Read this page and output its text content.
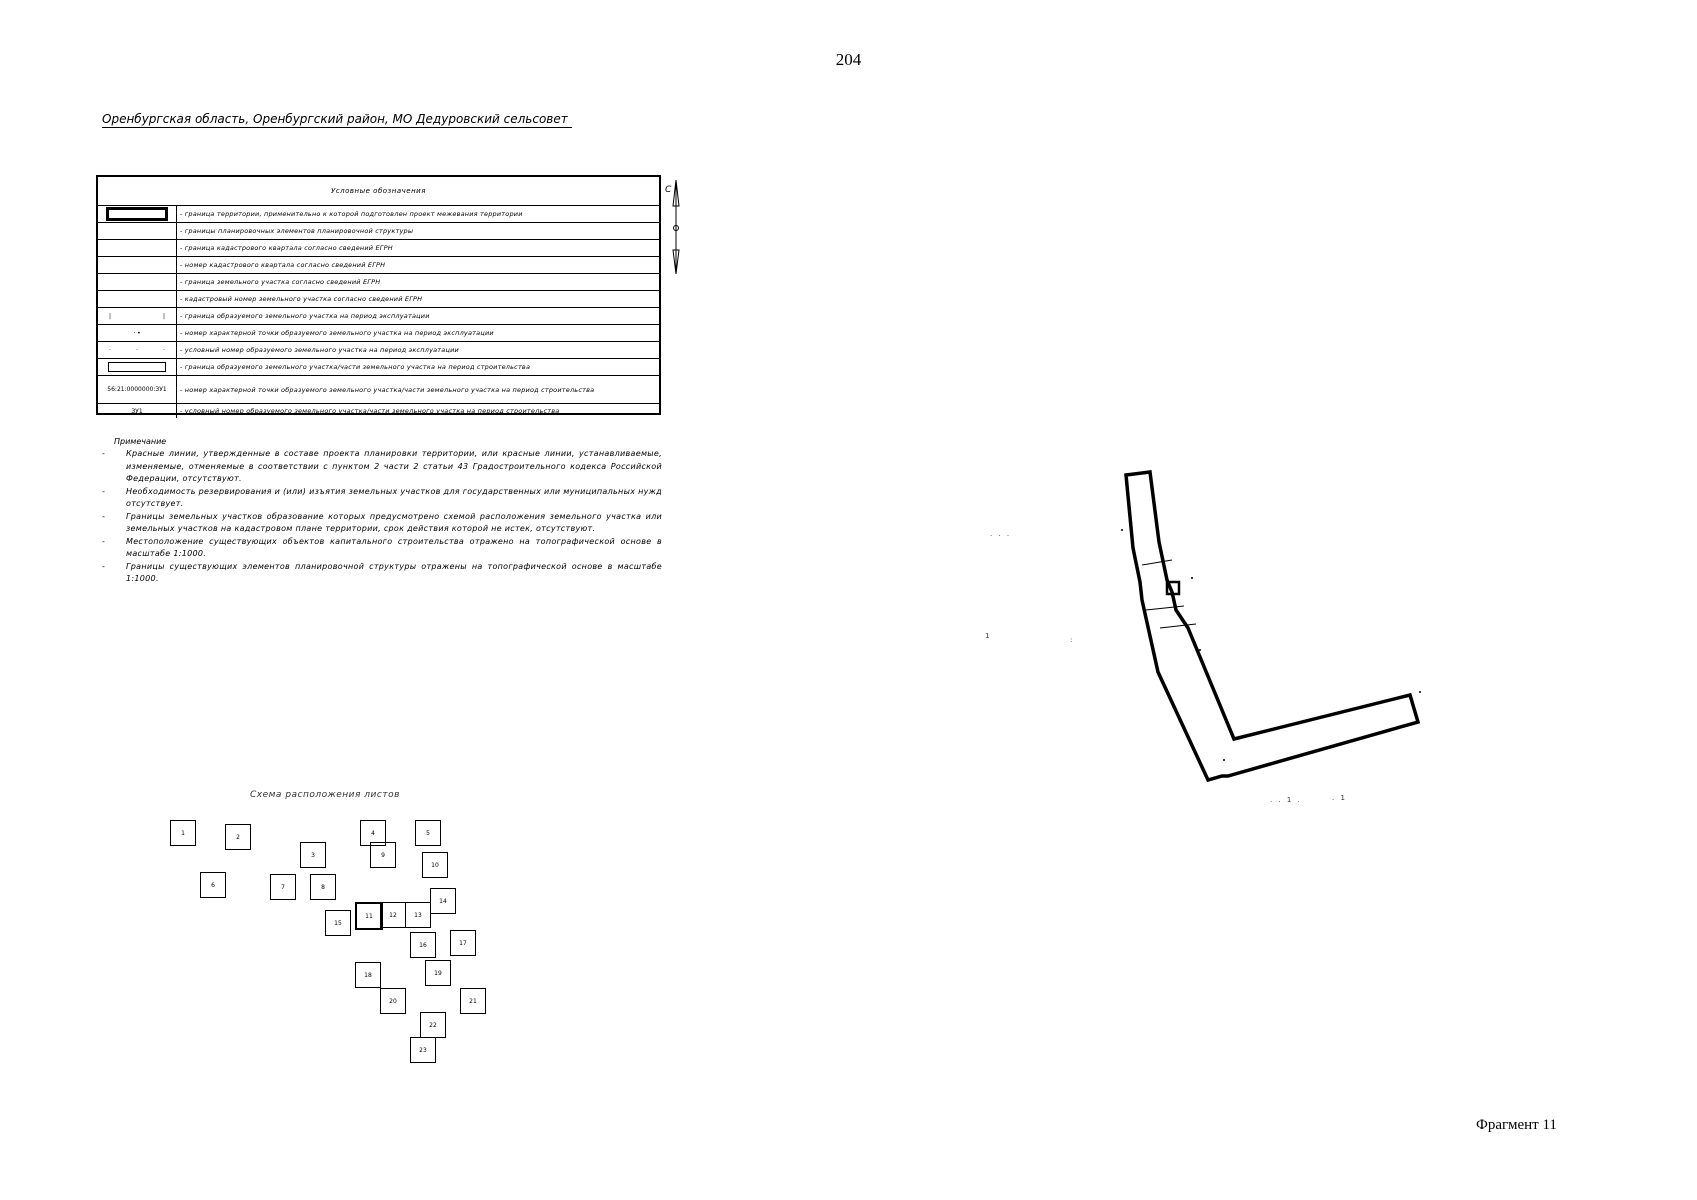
204
Оренбургская область, Оренбургский район, МО Дедуровский сельсовет
Условные обозначения
- граница территории, применительно к которой подготовлен проект межевания территории
- границы планировочных элементов планировочной структуры
- граница кадастрового квартала согласно сведений ЕГРН
- номер кадастрового квартала согласно сведений ЕГРН
- граница земельного участка согласно сведений ЕГРН
- кадастровый номер земельного участка согласно сведений ЕГРН
|	|	- граница образуемого земельного участка на период эксплуатации
· •	- номер характерной точки образуемого земельного участка на период эксплуатации
·	·	·	- условный номер образуемого земельного участка на период эксплуатации
- граница образуемого земельного участка/части земельного участка на период строительства
56:21:0000000:ЗУ1	- номер характерной точки образуемого земельного участка/части земельного участка на период строительства
ЗУ1	- условный номер образуемого земельного участка/части земельного участка на период строительства
С
Примечание
- Красные линии, утвержденные в составе проекта планировки территории, или красные линии, устанавливаемые, изменяемые, отменяемые в соответствии с пунктом 2 части 2 статьи 43 Градостроительного кодекса Российской Федерации, отсутствуют.
- Необходимость резервирования и (или) изъятия земельных участков для государственных или муниципальных нужд отсутствует.
- Границы земельных участков образование которых предусмотрено схемой расположения земельного участка или земельных участков на кадастровом плане территории, срок действия которой не истек, отсутствуют.
- Местоположение существующих объектов капитального строительства отражено на топографической основе в масштабе 1:1000.
- Границы существующих элементов планировочной структуры отражены на топографической основе в масштабе 1:1000.
Схема расположения листов
1
2
3
4	5
6	7	8
9
10
11	12	13
14
15
16	17
18	19
20	21
22
23
. . .
1	:
. . 1 .	. 1
Фрагмент 11
